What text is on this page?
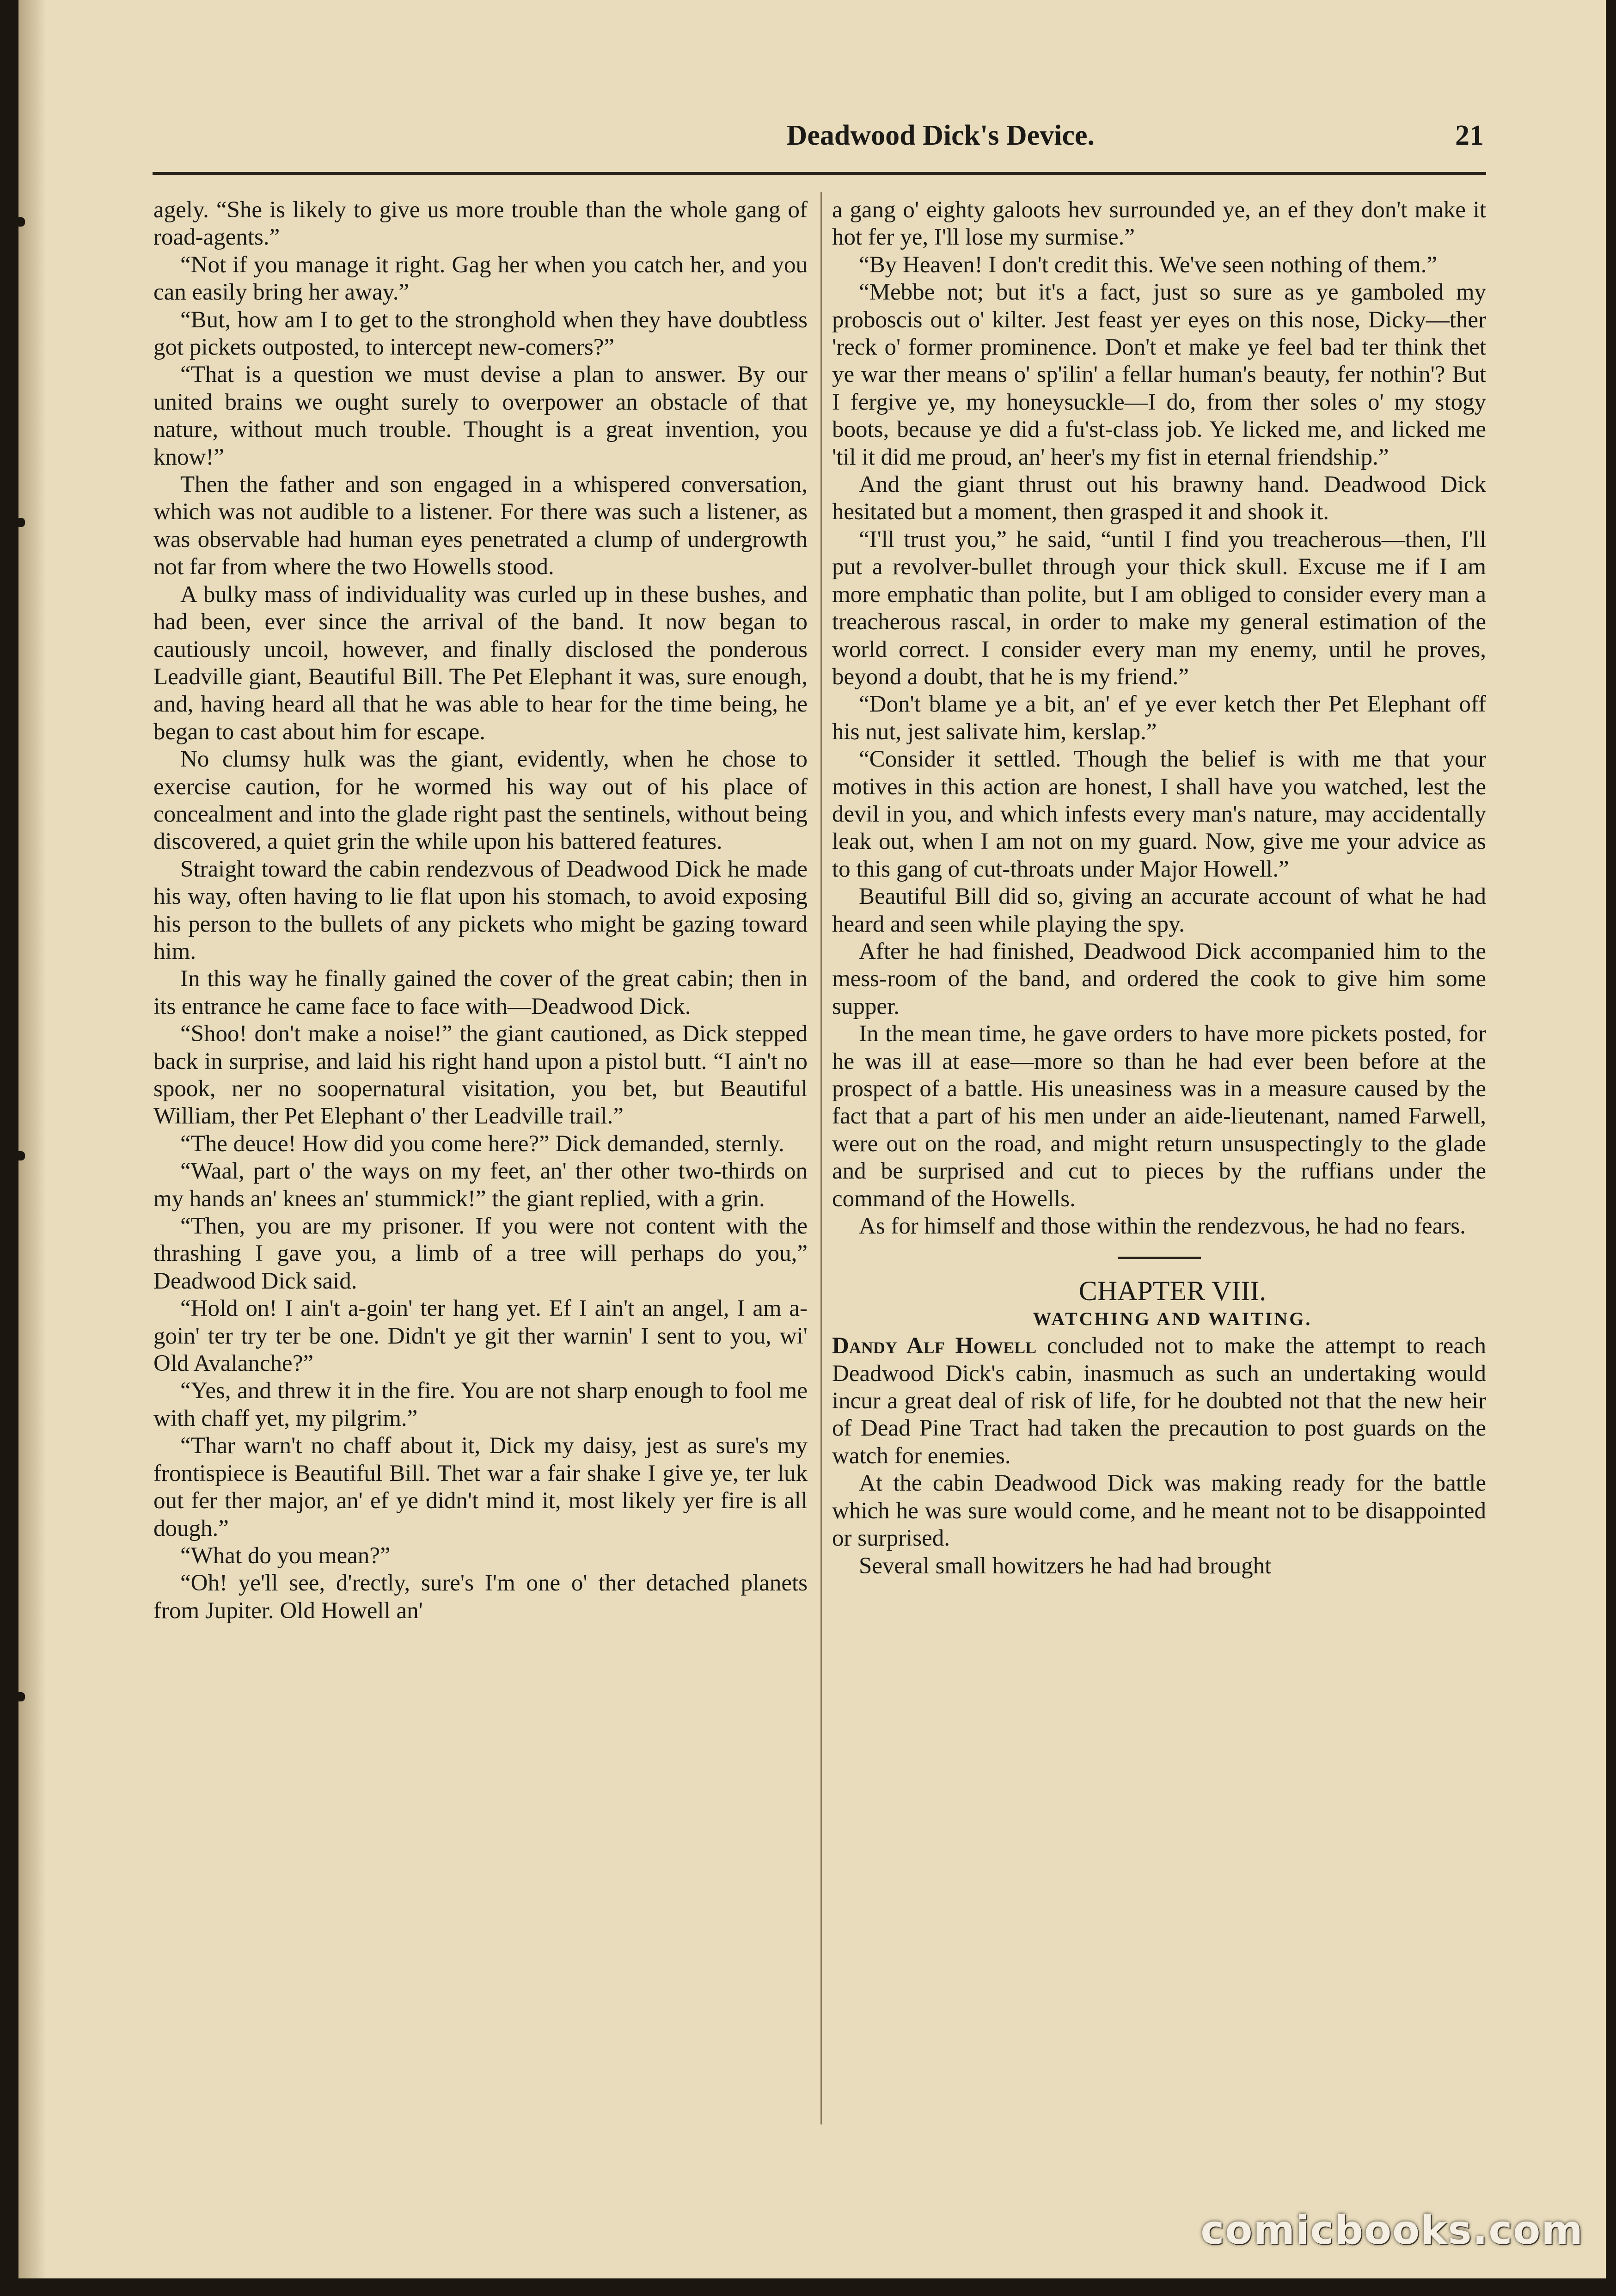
Deadwood Dick's Device.	21

agely. “She is likely to give us more trouble than the whole gang of road-agents.”

“Not if you manage it right. Gag her when you catch her, and you can easily bring her away.”

“But, how am I to get to the stronghold when they have doubtless got pickets outposted, to intercept new-comers?”

“That is a question we must devise a plan to answer. By our united brains we ought surely to overpower an obstacle of that nature, without much trouble. Thought is a great invention, you know!”

Then the father and son engaged in a whispered conversation, which was not audible to a listener. For there was such a listener, as was observable had human eyes penetrated a clump of undergrowth not far from where the two Howells stood.

A bulky mass of individuality was curled up in these bushes, and had been, ever since the arrival of the band. It now began to cautiously uncoil, however, and finally disclosed the ponderous Leadville giant, Beautiful Bill. The Pet Elephant it was, sure enough, and, having heard all that he was able to hear for the time being, he began to cast about him for escape.

No clumsy hulk was the giant, evidently, when he chose to exercise caution, for he wormed his way out of his place of concealment and into the glade right past the sentinels, without being discovered, a quiet grin the while upon his battered features.

Straight toward the cabin rendezvous of Deadwood Dick he made his way, often having to lie flat upon his stomach, to avoid exposing his person to the bullets of any pickets who might be gazing toward him.

In this way he finally gained the cover of the great cabin; then in its entrance he came face to face with—Deadwood Dick.

“Shoo! don't make a noise!” the giant cautioned, as Dick stepped back in surprise, and laid his right hand upon a pistol butt. “I ain't no spook, ner no soopernatural visitation, you bet, but Beautiful William, ther Pet Elephant o' ther Leadville trail.”

“The deuce! How did you come here?” Dick demanded, sternly.

“Waal, part o' the ways on my feet, an' ther other two-thirds on my hands an' knees an' stummick!” the giant replied, with a grin.

“Then, you are my prisoner. If you were not content with the thrashing I gave you, a limb of a tree will perhaps do you,” Deadwood Dick said.

“Hold on! I ain't a-goin' ter hang yet. Ef I ain't an angel, I am a-goin' ter try ter be one. Didn't ye git ther warnin' I sent to you, wi' Old Avalanche?”

“Yes, and threw it in the fire. You are not sharp enough to fool me with chaff yet, my pilgrim.”

“Thar warn't no chaff about it, Dick my daisy, jest as sure's my frontispiece is Beautiful Bill. Thet war a fair shake I give ye, ter luk out fer ther major, an' ef ye didn't mind it, most likely yer fire is all dough.”

“What do you mean?”

“Oh! ye'll see, d'rectly, sure's I'm one o' ther detached planets from Jupiter. Old Howell an'

a gang o' eighty galoots hev surrounded ye, an ef they don't make it hot fer ye, I'll lose my surmise.”

“By Heaven! I don't credit this. We've seen nothing of them.”

“Mebbe not; but it's a fact, just so sure as ye gamboled my proboscis out o' kilter. Jest feast yer eyes on this nose, Dicky—ther 'reck o' former prominence. Don't et make ye feel bad ter think thet ye war ther means o' sp'ilin' a fellar human's beauty, fer nothin'? But I fergive ye, my honeysuckle—I do, from ther soles o' my stogy boots, because ye did a fu'st-class job. Ye licked me, and licked me 'til it did me proud, an' heer's my fist in eternal friendship.”

And the giant thrust out his brawny hand. Deadwood Dick hesitated but a moment, then grasped it and shook it.

“I'll trust you,” he said, “until I find you treacherous—then, I'll put a revolver-bullet through your thick skull. Excuse me if I am more emphatic than polite, but I am obliged to consider every man a treacherous rascal, in order to make my general estimation of the world correct. I consider every man my enemy, until he proves, beyond a doubt, that he is my friend.”

“Don't blame ye a bit, an' ef ye ever ketch ther Pet Elephant off his nut, jest salivate him, kerslap.”

“Consider it settled. Though the belief is with me that your motives in this action are honest, I shall have you watched, lest the devil in you, and which infests every man's nature, may accidentally leak out, when I am not on my guard. Now, give me your advice as to this gang of cut-throats under Major Howell.”

Beautiful Bill did so, giving an accurate account of what he had heard and seen while playing the spy.

After he had finished, Deadwood Dick accompanied him to the mess-room of the band, and ordered the cook to give him some supper.

In the mean time, he gave orders to have more pickets posted, for he was ill at ease—more so than he had ever been before at the prospect of a battle. His uneasiness was in a measure caused by the fact that a part of his men under an aide-lieutenant, named Farwell, were out on the road, and might return unsuspectingly to the glade and be surprised and cut to pieces by the ruffians under the command of the Howells.

As for himself and those within the rendezvous, he had no fears.

CHAPTER VIII.

WATCHING AND WAITING.

Dandy Alf Howell concluded not to make the attempt to reach Deadwood Dick's cabin, inasmuch as such an undertaking would incur a great deal of risk of life, for he doubted not that the new heir of Dead Pine Tract had taken the precaution to post guards on the watch for enemies.

At the cabin Deadwood Dick was making ready for the battle which he was sure would come, and he meant not to be disappointed or surprised.

Several small howitzers he had had brought

comicbooks.com
